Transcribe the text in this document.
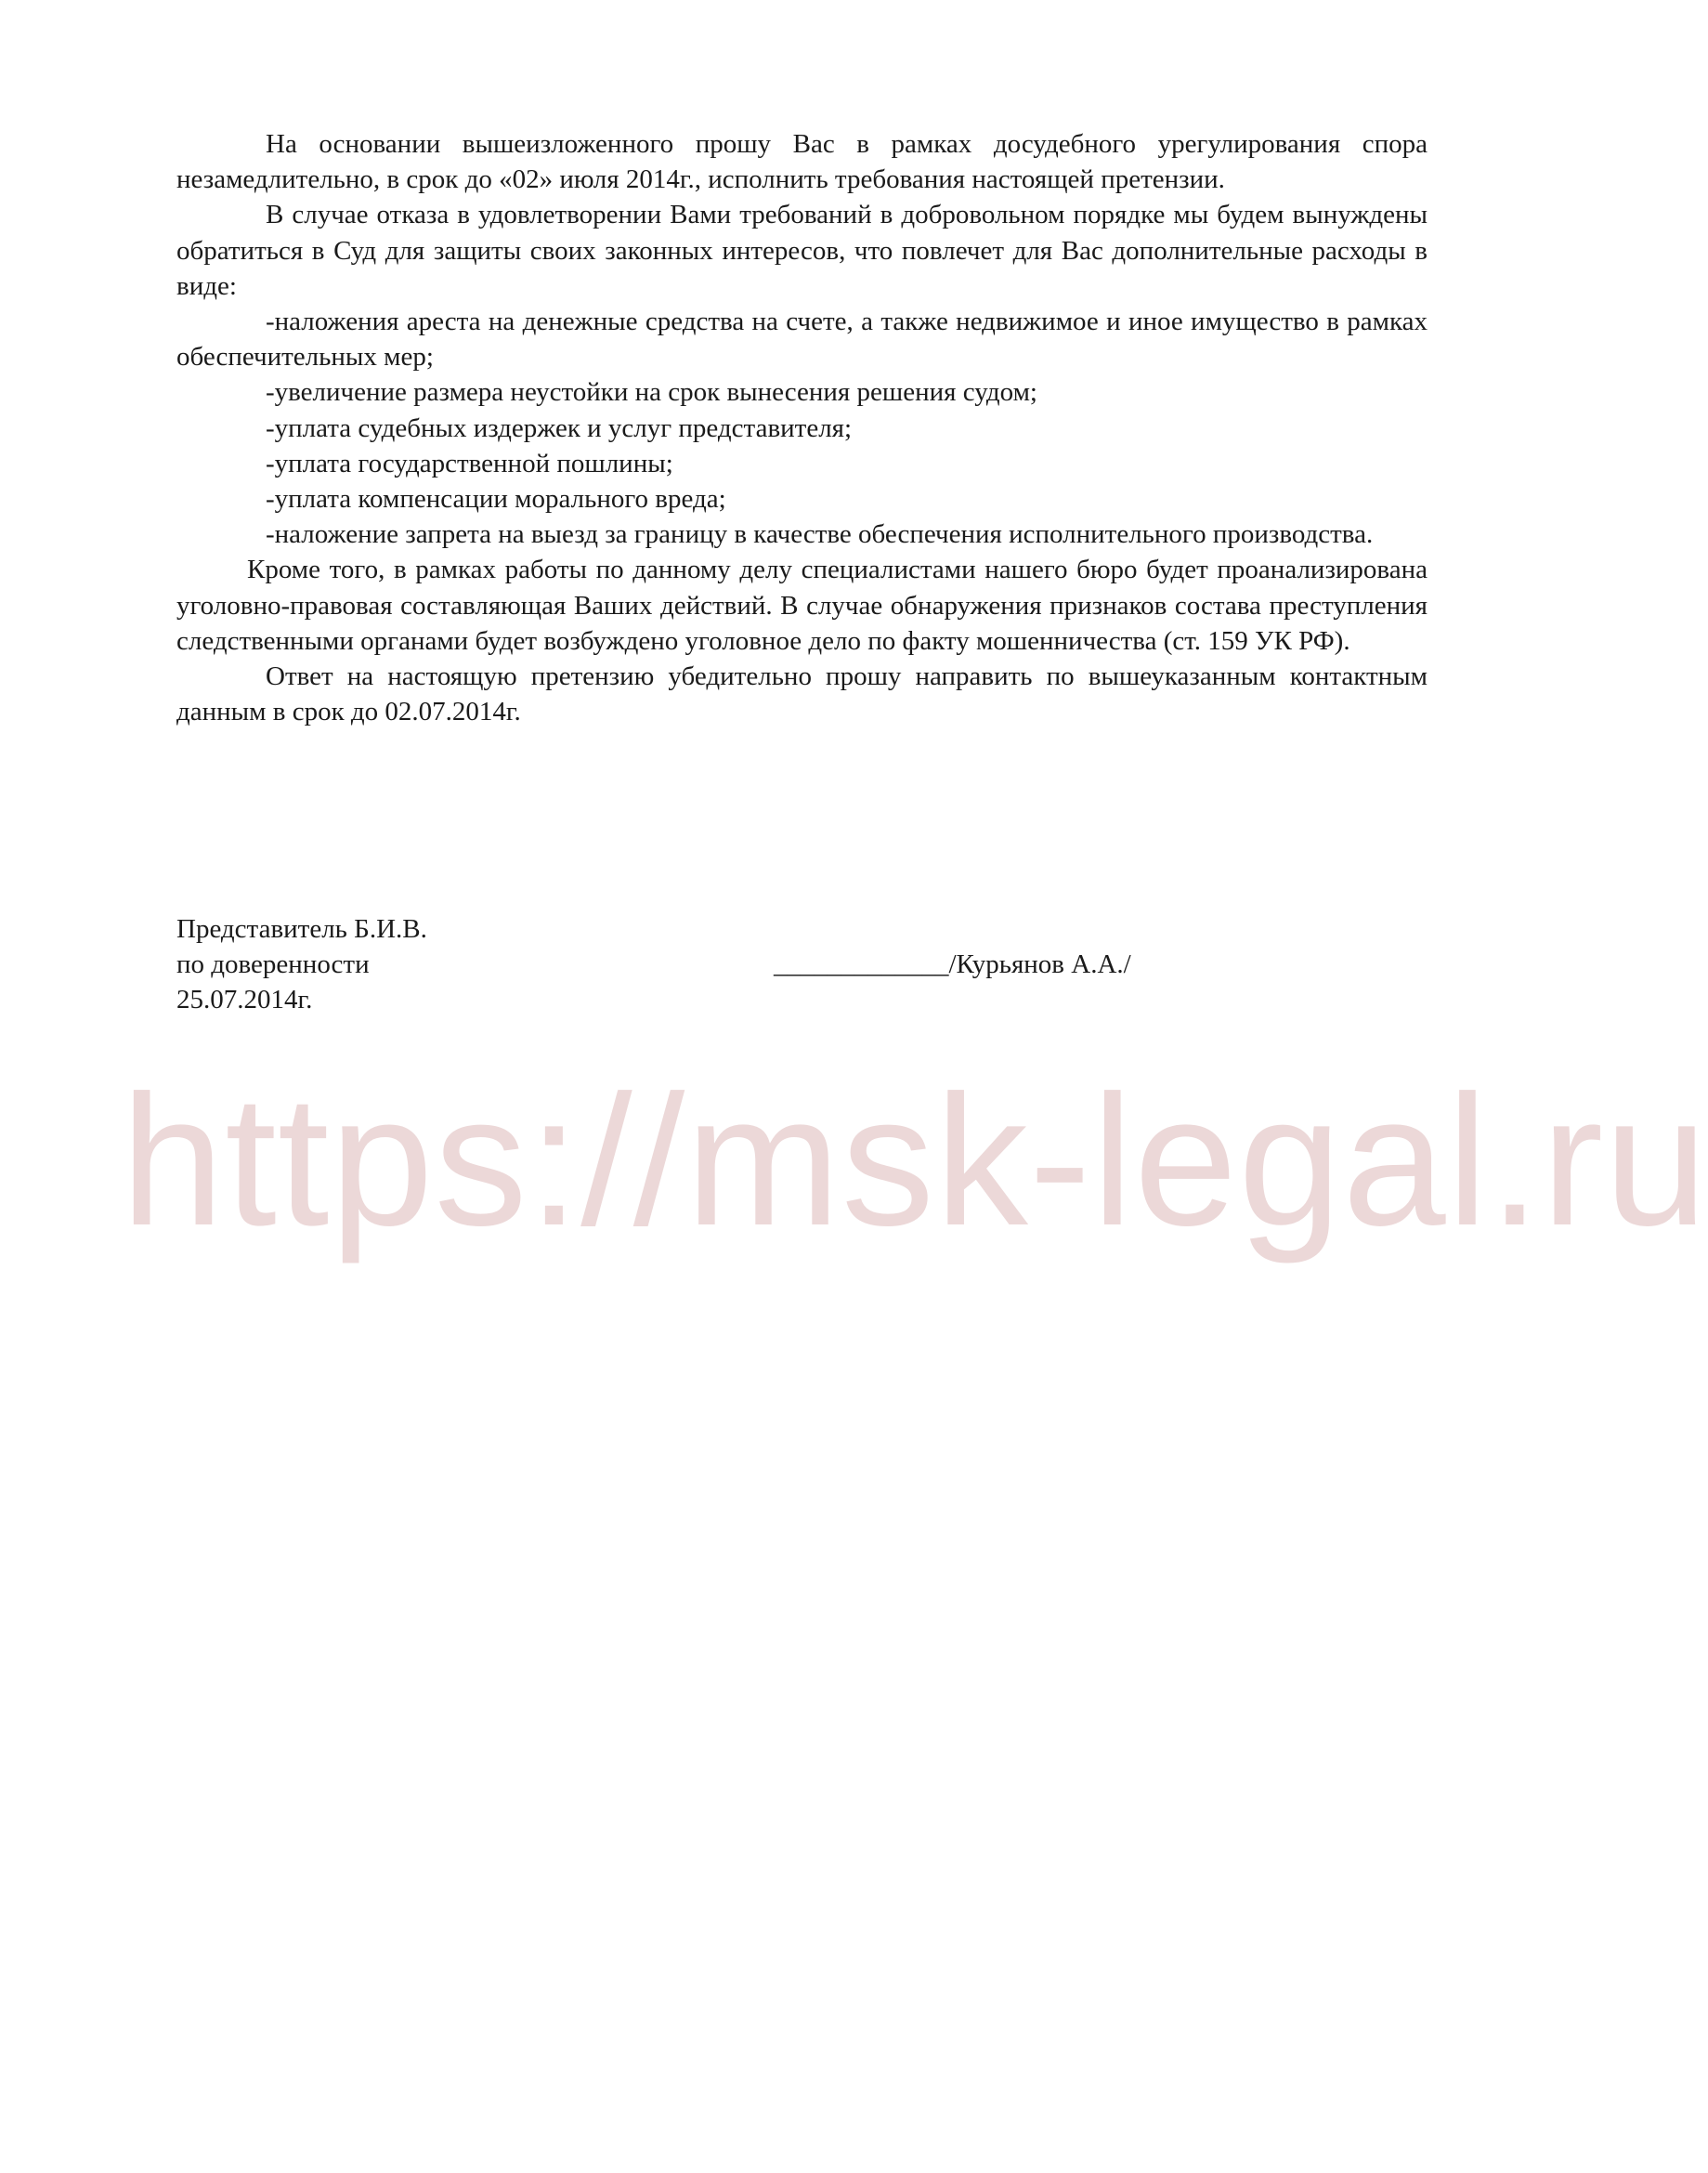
На основании вышеизложенного прошу Вас в рамках досудебного урегулирования спора незамедлительно, в срок до «02» июля 2014г., исполнить требования настоящей претензии.

В случае отказа в удовлетворении Вами требований в добровольном порядке мы будем вынуждены обратиться в Суд для защиты своих законных интересов, что повлечет для Вас дополнительные расходы в виде:

-наложения ареста на денежные средства на счете, а также недвижимое и иное имущество в рамках обеспечительных мер;

-увеличение размера неустойки на срок вынесения решения судом;

-уплата судебных издержек и услуг представителя;

-уплата государственной пошлины;

-уплата компенсации морального вреда;

-наложение запрета на выезд за границу в качестве обеспечения исполнительного производства.

Кроме того, в рамках работы по данному делу специалистами нашего бюро будет проанализирована уголовно-правовая составляющая Ваших действий. В случае обнаружения признаков состава преступления следственными органами будет возбуждено уголовное дело по факту мошенничества (ст. 159 УК РФ).

Ответ на настоящую претензию убедительно прошу направить по вышеуказанным контактным данным в срок до 02.07.2014г.

Представитель Б.И.В.
по доверенности
25.07.2014г.
_____________/Курьянов А.А./
https://msk-legal.ru
